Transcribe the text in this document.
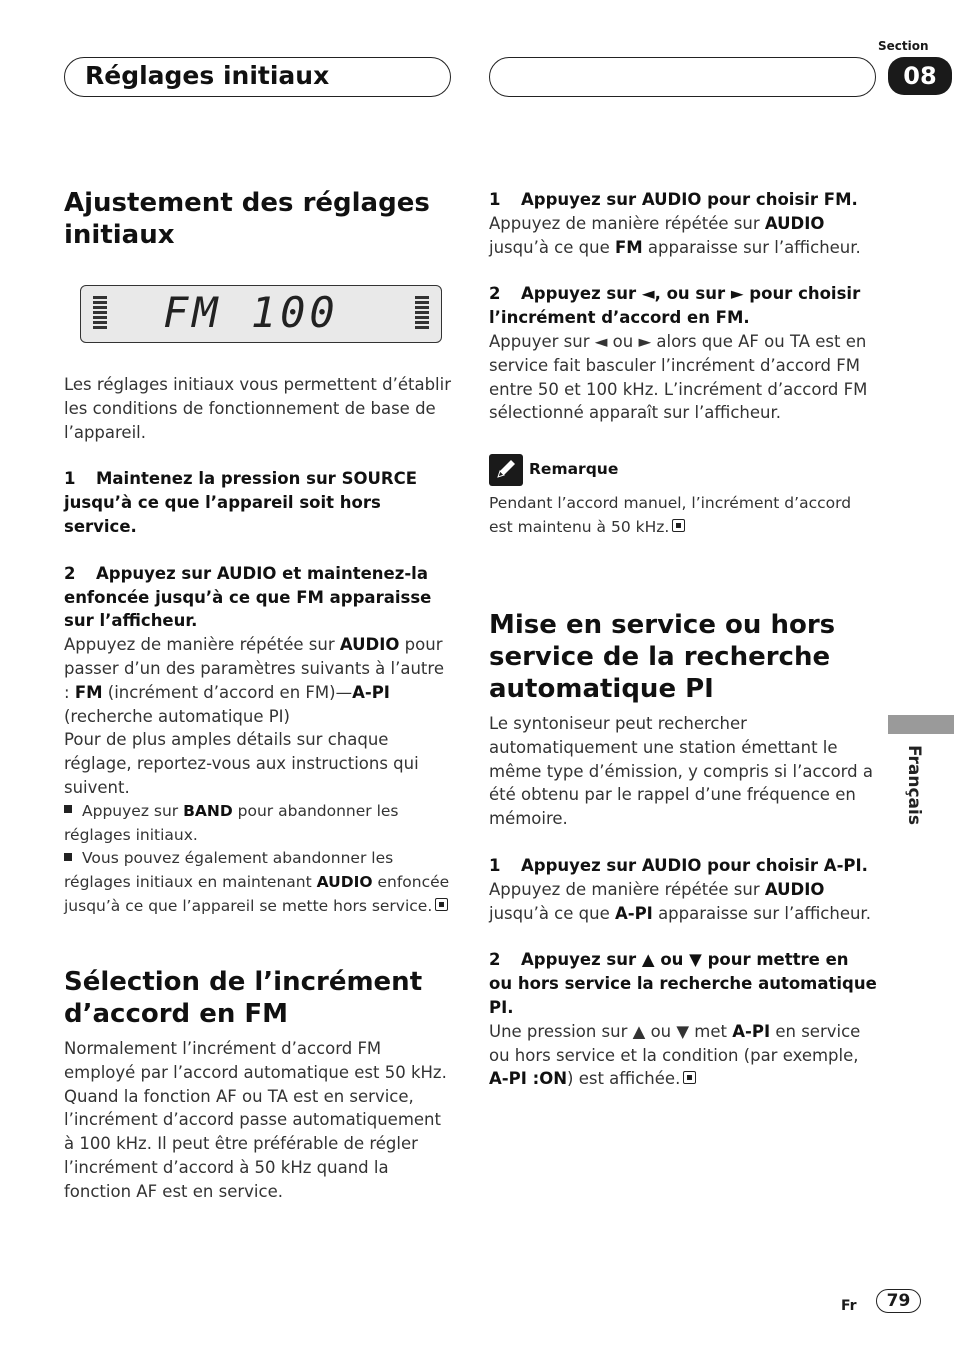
Réglages initiaux
Section
08
Ajustement des réglages initiaux
FM 100

Les réglages initiaux vous permettent d’établir les conditions de fonctionnement de base de l’appareil.

1 Maintenez la pression sur SOURCE jusqu’à ce que l’appareil soit hors service.

2 Appuyez sur AUDIO et maintenez-la enfoncée jusqu’à ce que FM apparaisse sur l’afficheur.

Appuyez de manière répétée sur AUDIO pour passer d’un des paramètres suivants à l’autre : FM (incrément d’accord en FM)—A-PI (recherche automatique PI)

Pour de plus amples détails sur chaque réglage, reportez-vous aux instructions qui suivent.

Appuyez sur BAND pour abandonner les réglages initiaux.

Vous pouvez également abandonner les réglages initiaux en maintenant AUDIO enfoncée jusqu’à ce que l’appareil se mette hors service.

Sélection de l’incrément d’accord en FM

Normalement l’incrément d’accord FM employé par l’accord automatique est 50 kHz. Quand la fonction AF ou TA est en service, l’incrément d’accord passe automatiquement à 100 kHz. Il peut être préférable de régler l’incrément d’accord à 50 kHz quand la fonction AF est en service.

1 Appuyez sur AUDIO pour choisir FM.

Appuyez de manière répétée sur AUDIO jusqu’à ce que FM apparaisse sur l’afficheur.

2 Appuyez sur ◄, ou sur ► pour choisir l’incrément d’accord en FM.

Appuyer sur ◄ ou ► alors que AF ou TA est en service fait basculer l’incrément d’accord FM entre 50 et 100 kHz. L’incrément d’accord FM sélectionné apparaît sur l’afficheur.

Remarque

Pendant l’accord manuel, l’incrément d’accord est maintenu à 50 kHz.

Mise en service ou hors service de la recherche automatique PI

Le syntoniseur peut rechercher automatiquement une station émettant le même type d’émission, y compris si l’accord a été obtenu par le rappel d’une fréquence en mémoire.

1 Appuyez sur AUDIO pour choisir A-PI.

Appuyez de manière répétée sur AUDIO jusqu’à ce que A-PI apparaisse sur l’afficheur.

2 Appuyez sur ▲ ou ▼ pour mettre en ou hors service la recherche automatique PI.

Une pression sur ▲ ou ▼ met A-PI en service ou hors service et la condition (par exemple, A-PI :ON) est affichée.

Français
Fr	79
